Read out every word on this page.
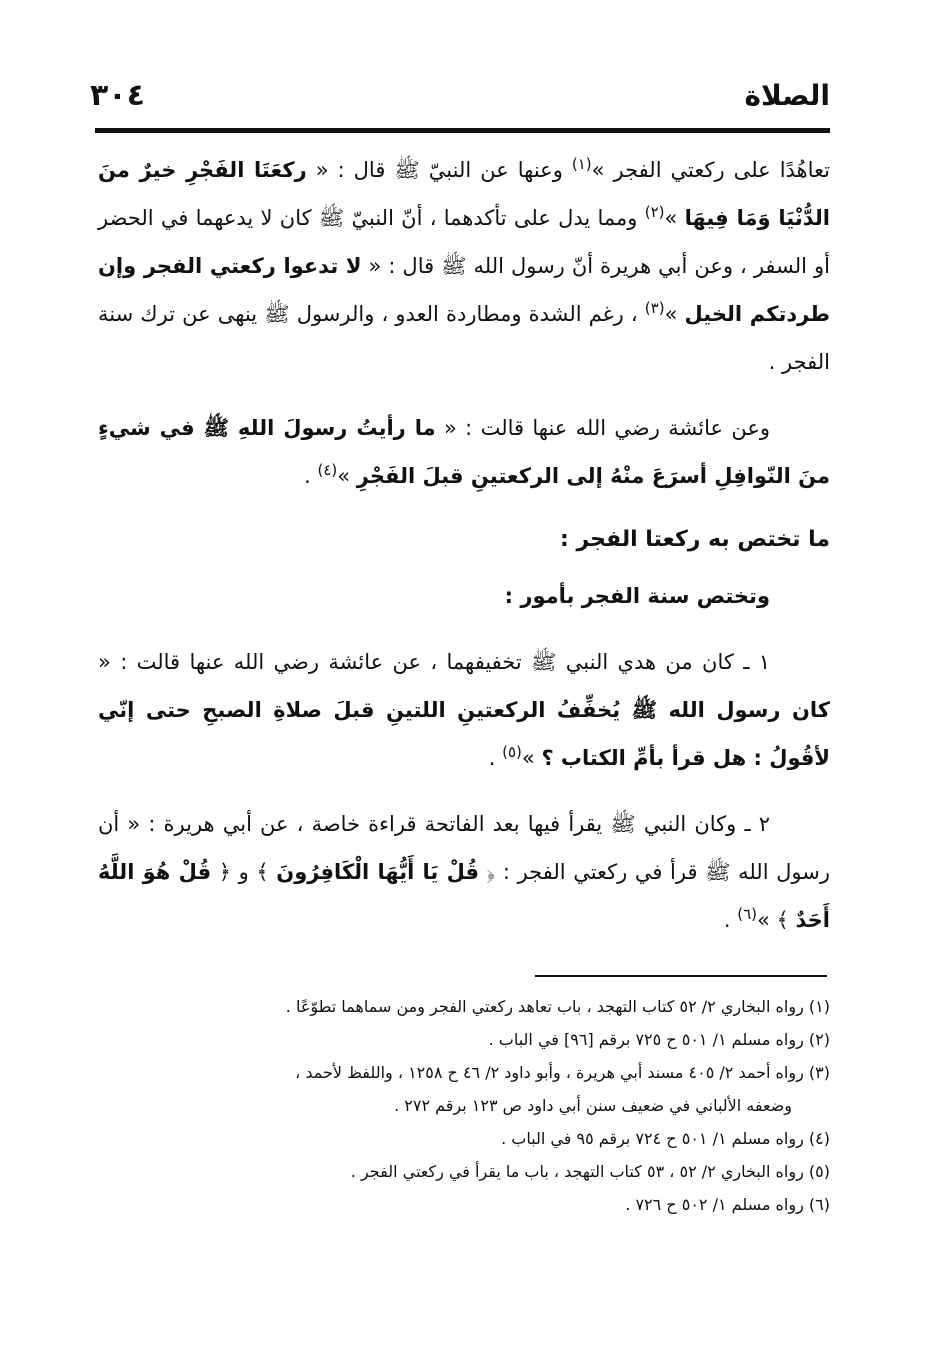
الصلاة
٣٠٤

تعاهُدًا على ركعتي الفجر »$^{(١)}$ وعنها عن النبيّ ﷺ قال : « ركعَتَا الفَجْرِ خيرٌ منَ الدُّنْيَا وَمَا فِيهَا »$^{(٢)}$ ومما يدل على تأكدهما ، أنّ النبيّ ﷺ كان لا يدعهما في الحضر أو السفر ، وعن أبي هريرة أنّ رسول الله ﷺ قال : « لا تدعوا ركعتي الفجر وإن طردتكم الخيل »$^{(٣)}$ ، رغم الشدة ومطاردة العدو ، والرسول ﷺ ينهى عن ترك سنة الفجر .

وعن عائشة رضي الله عنها قالت : « ما رأيتُ رسولَ اللهِ ﷺ في شيءٍ منَ النّوافِلِ أسرَعَ منْهُ إلى الركعتينِ قبلَ الفَجْرِ »$^{(٤)}$ .

ما تختص به ركعتا الفجر :
وتختص سنة الفجر بأمور :

١ ـ كان من هدي النبي ﷺ تخفيفهما ، عن عائشة رضي الله عنها قالت : « كان رسول الله ﷺ يُخفِّفُ الركعتينِ اللتينِ قبلَ صلاةِ الصبحِ حتى إنّي لأقُولُ : هل قرأ بأمِّ الكتاب ؟ »$^{(٥)}$ .

٢ ـ وكان النبي ﷺ يقرأ فيها بعد الفاتحة قراءة خاصة ، عن أبي هريرة : « أن رسول الله ﷺ قرأ في ركعتي الفجر : ﴿ قُلْ يَا أَيُّهَا الْكَافِرُونَ ﴾ و ﴿ قُلْ هُوَ اللَّهُ أَحَدٌ ﴾ »$^{(٦)}$ .

(١) رواه البخاري ٢/ ٥٢ كتاب التهجد ، باب تعاهد ركعتي الفجر ومن سماهما تطوّعًا .

(٢) رواه مسلم ١/ ٥٠١ ح ٧٢٥ برقم [٩٦] في الباب .

(٣) رواه أحمد ٢/ ٤٠٥ مسند أبي هريرة ، وأبو داود ٢/ ٤٦ ح ١٢٥٨ ، واللفظ لأحمد ،
وضعفه الألباني في ضعيف سنن أبي داود ص ١٢٣ برقم ٢٧٢ .

(٤) رواه مسلم ١/ ٥٠١ ح ٧٢٤ برقم ٩٥ في الباب .

(٥) رواه البخاري ٢/ ٥٢ ، ٥٣ كتاب التهجد ، باب ما يقرأ في ركعتي الفجر .

(٦) رواه مسلم ١/ ٥٠٢ ح ٧٢٦ .
